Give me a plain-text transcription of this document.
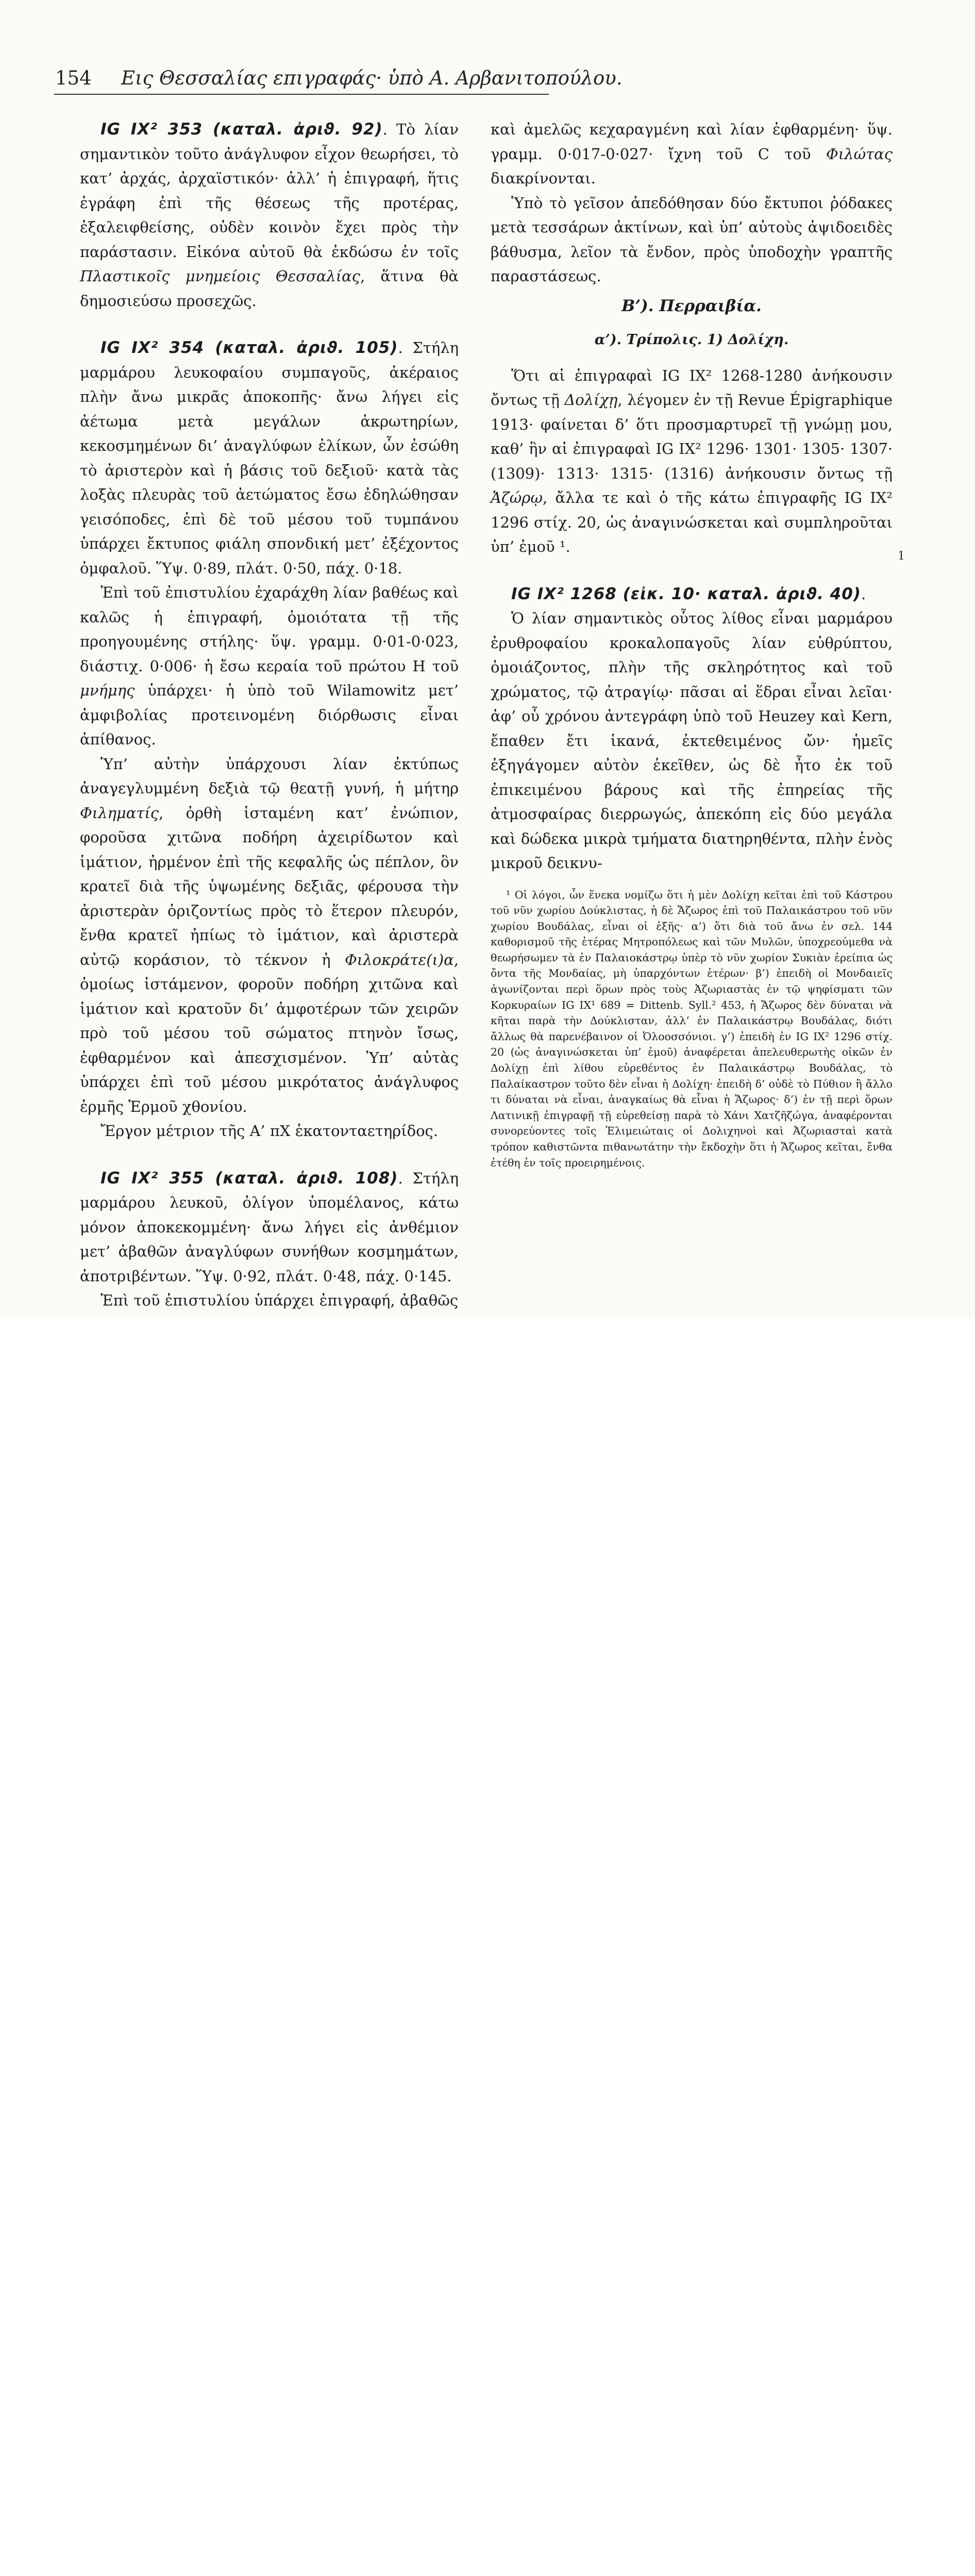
154 Εις Θεσσαλίας επιγραφάς· ὑπὸ Α. Αρβανιτοπούλου.

IG IX² 353 (καταλ. ἀριϑ. 92). Τὸ λίαν σημαντικὸν τοῦτο ἀνάγλυφον εἶχον θεωρήσει, τὸ κατ’ ἀρχάς, ἀρχαϊστικόν· ἀλλ’ ἡ ἐπιγραφή, ἥτις ἐγράφη ἐπὶ τῆς θέσεως τῆς προτέρας, ἐξαλειφθείσης, οὐδὲν κοινὸν ἔχει πρὸς τὴν παράστασιν. Εἰκόνα αὐτοῦ θὰ ἐκδώσω ἐν τοῖς Πλαστικοῖς μνημείοις Θεσσαλίας, ἅτινα θὰ δημοσιεύσω προσεχῶς.

IG IX² 354 (καταλ. ἀριϑ. 105). Στήλη μαρμάρου λευκοφαίου συμπαγοῦς, ἀκέραιος πλὴν ἄνω μικρᾶς ἀποκοπῆς· ἄνω λήγει εἰς ἀέτωμα μετὰ μεγάλων ἀκρωτηρίων, κεκοσμημένων δι’ ἀναγλύφων ἑλίκων, ὧν ἐσώθη τὸ ἀριστερὸν καὶ ἡ βάσις τοῦ δεξιοῦ· κατὰ τὰς λοξὰς πλευρὰς τοῦ ἀετώματος ἔσω ἐδηλώθησαν γεισόποδες, ἐπὶ δὲ τοῦ μέσου τοῦ τυμπάνου ὑπάρχει ἔκτυπος φιάλη σπονδική μετ’ ἐξέχοντος ὀμφαλοῦ. Ὕψ. 0·89, πλάτ. 0·50, πάχ. 0·18.

Ἐπὶ τοῦ ἐπιστυλίου ἐχαράχθη λίαν βαθέως καὶ καλῶς ἡ ἐπιγραφή, ὁμοιότατα τῇ τῆς προηγουμένης στήλης· ὕψ. γραμμ. 0·01-0·023, διάστιχ. 0·006· ἡ ἔσω κεραία τοῦ πρώτου Η τοῦ μνήμης ὑπάρχει· ἡ ὑπὸ τοῦ Wilamowitz μετ’ ἀμφιβολίας προτεινομένη διόρθωσις εἶναι ἀπίθανος.

Ὑπ’ αὐτὴν ὑπάρχουσι λίαν ἐκτύπως ἀναγεγλυμμένη δεξιὰ τῷ θεατῇ γυνή, ἡ μήτηρ Φιληματίς, ὀρθὴ ἱσταμένη κατ’ ἐνώπιον, φοροῦσα χιτῶνα ποδήρη ἀχειρίδωτον καὶ ἱμάτιον, ἠρμένον ἐπὶ τῆς κεφαλῆς ὡς πέπλον, ὃν κρατεῖ διὰ τῆς ὑψωμένης δεξιᾶς, φέρουσα τὴν ἀριστερὰν ὁριζοντίως πρὸς τὸ ἕτερον πλευρόν, ἔνθα κρατεῖ ἠπίως τὸ ἱμάτιον, καὶ ἀριστερὰ αὐτῷ κοράσιον, τὸ τέκνον ἡ Φιλοκράτε(ι)α, ὁμοίως ἱστάμενον, φοροῦν ποδήρη χιτῶνα καὶ ἱμάτιον καὶ κρατοῦν δι’ ἀμφοτέρων τῶν χειρῶν πρὸ τοῦ μέσου τοῦ σώματος πτηνὸν ἴσως, ἐφθαρμένον καὶ ἀπεσχισμένον. Ὑπ’ αὐτὰς ὑπάρχει ἐπὶ τοῦ μέσου μικρότατος ἀνάγλυφος ἑρμῆς Ἑρμοῦ χθονίου.

Ἔργον μέτριον τῆς Α’ πΧ ἑκατονταετηρίδος.

IG IX² 355 (καταλ. ἀριϑ. 108). Στήλη μαρμάρου λευκοῦ, ὀλίγον ὑπομέλανος, κάτω μόνον ἀποκεκομμένη· ἄνω λήγει εἰς ἀνθέμιον μετ’ ἀβαθῶν ἀναγλύφων συνήθων κοσμημάτων, ἀποτριβέντων. Ὕψ. 0·92, πλάτ. 0·48, πάχ. 0·145.

Ἐπὶ τοῦ ἐπιστυλίου ὑπάρχει ἐπιγραφή, ἀβαθῶς

καὶ ἀμελῶς κεχαραγμένη καὶ λίαν ἐφθαρμένη· ὕψ. γραμμ. 0·017-0·027· ἴχνη τοῦ C τοῦ Φιλώτας διακρίνονται.

Ὑπὸ τὸ γεῖσον ἀπεδόθησαν δύο ἔκτυποι ῥόδακες μετὰ τεσσάρων ἀκτίνων, καὶ ὑπ’ αὐτοὺς ἀψιδοειδὲς βάθυσμα, λεῖον τὰ ἔνδον, πρὸς ὑποδοχὴν γραπτῆς παραστάσεως.

Β’). Περραιβία.

α’). Τρίπολις. 1) Δολίχη.

Ὅτι αἱ ἐπιγραφαὶ IG IX² 1268-1280 ἀνήκουσιν ὄντως τῇ Δολίχῃ, λέγομεν ἐν τῇ Revue Épigraphique 1913· φαίνεται δ’ ὅτι προσμαρτυρεῖ τῇ γνώμῃ μου, καθ’ ἣν αἱ ἐπιγραφαὶ IG IX² 1296· 1301· 1305· 1307· (1309)· 1313· 1315· (1316) ἀνήκουσιν ὄντως τῇ Ἀζώρῳ, ἄλλα τε καὶ ὁ τῆς κάτω ἐπιγραφῆς IG IX² 1296 στίχ. 20, ὡς ἀναγινώσκεται καὶ συμπληροῦται ὑπ’ ἐμοῦ ¹.

IG IX² 1268 (εἰκ. 10· καταλ. ἀριϑ. 40).

Ὁ λίαν σημαντικὸς οὗτος λίθος εἶναι μαρμάρου ἐρυθροφαίου κροκαλοπαγοῦς λίαν εὐθρύπτου, ὁμοιάζοντος, πλὴν τῆς σκληρότητος καὶ τοῦ χρώματος, τῷ ἀτραγίῳ· πᾶσαι αἱ ἕδραι εἶναι λεῖαι· ἀφ’ οὗ χρόνου ἀντεγράφη ὑπὸ τοῦ Heuzey καὶ Kern, ἔπαθεν ἔτι ἱκανά, ἐκτεθειμένος ὤν· ἡμεῖς ἐξηγάγομεν αὐτὸν ἐκεῖθεν, ὡς δὲ ἦτο ἐκ τοῦ ἐπικειμένου βάρους καὶ τῆς ἐπηρείας τῆς ἀτμοσφαίρας διερρωγώς, ἀπεκόπη εἰς δύο μεγάλα καὶ δώδεκα μικρὰ τμήματα διατηρηθέντα, πλὴν ἑνὸς μικροῦ δεικνυ-

¹ Οἱ λόγοι, ὧν ἕνεκα νομίζω ὅτι ἡ μὲν Δολίχη κεῖται ἐπὶ τοῦ Κάστρου τοῦ νῦν χωρίου Δούκλιστας, ἡ δὲ Ἄζωρος ἐπὶ τοῦ Παλαικάστρου τοῦ νῦν χωρίου Βουδάλας, εἶναι οἱ ἑξῆς· α’) ὅτι διὰ τοῦ ἄνω ἐν σελ. 144 καθορισμοῦ τῆς ἑτέρας Μητροπόλεως καὶ τῶν Μυλῶν, ὑποχρεούμεθα νὰ θεωρήσωμεν τὰ ἐν Παλαιοκάστρῳ ὑπὲρ τὸ νῦν χωρίον Συκιὰν ἐρείπια ὡς ὄντα τῆς Μονδαίας, μὴ ὑπαρχόντων ἑτέρων· β’) ἐπειδὴ οἱ Μονδαιεῖς ἀγωνίζονται περὶ ὅρων πρὸς τοὺς Ἀζωριαστὰς ἐν τῷ ψηφίσματι τῶν Κορκυραίων IG IX¹ 689 = Dittenb. Syll.² 453, ἡ Ἄζωρος δὲν δύναται νὰ κῆται παρὰ τὴν Δούκλισταν, ἀλλ’ ἐν Παλαικάστρῳ Βουδάλας, διότι ἄλλως θὰ παρενέβαινον οἱ Ὀλοοσσόνιοι. γ’) ἐπειδὴ ἐν IG IX² 1296 στίχ. 20 (ὡς ἀναγινώσκεται ὑπ’ ἐμοῦ) ἀναφέρεται ἀπελευθερωτὴς οἰκῶν ἐν Δολίχῃ ἐπὶ λίθου εὑρεθέντος ἐν Παλαικάστρῳ Βουδάλας, τὸ Παλαίκαστρον τοῦτο δὲν εἶναι ἡ Δολίχη· ἐπειδὴ δ’ οὐδὲ τὸ Πύθιον ἢ ἄλλο τι δύναται νὰ εἶναι, ἀναγκαίως θὰ εἶναι ἡ Ἄζωρος· δ’) ἐν τῇ περὶ ὅρων Λατινικῇ ἐπιγραφῇ τῇ εὑρεθείσῃ παρὰ τὸ Χάνι Χατζῆζώγα, ἀναφέρονται συνορεύοντες τοῖς Ἐλιμειώταις οἱ Δολιχηνοὶ καὶ Ἀζωριασταὶ κατὰ τρόπον καθιστῶντα πιθανωτάτην τὴν ἔκδοχὴν ὅτι ἡ Ἄζωρος κεῖται, ἔνθα ἐτέθη ἐν τοῖς προειρημένοις.

1
